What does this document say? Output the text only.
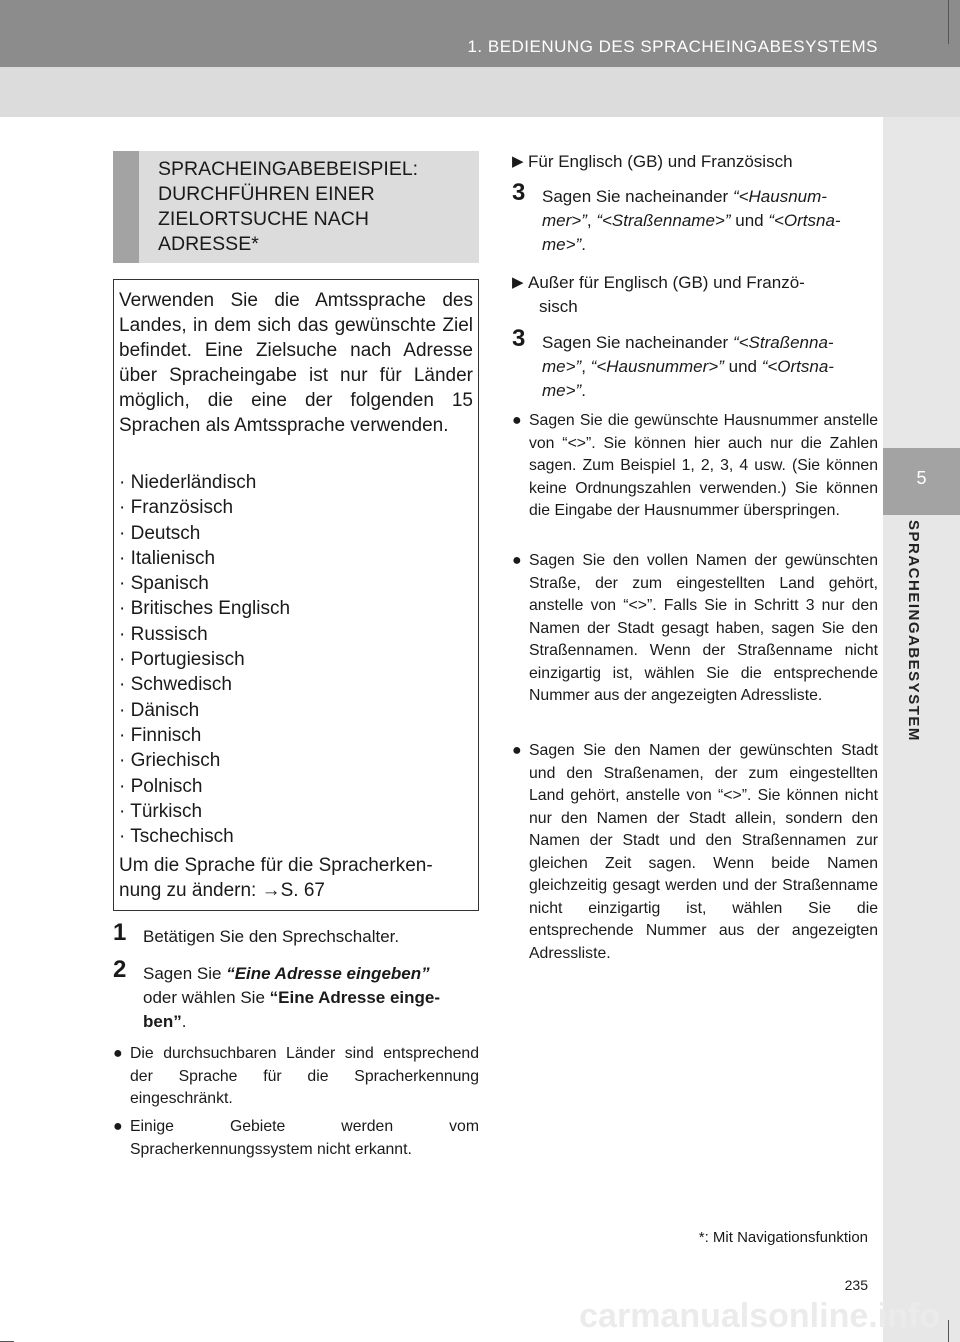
1. BEDIENUNG DES SPRACHEINGABESYSTEMS
5
SPRACHEINGABESYSTEM
SPRACHEINGABEBEISPIEL:
DURCHFÜHREN EINER
ZIELORTSUCHE NACH
ADRESSE*

Verwenden Sie die Amtssprache des Landes, in dem sich das gewünschte Ziel befindet. Eine Zielsuche nach Adresse über Spracheingabe ist nur für Länder möglich, die eine der folgenden 15 Sprachen als Amtssprache verwenden.

· Niederländisch
· Französisch
· Deutsch
· Italienisch
· Spanisch
· Britisches Englisch
· Russisch
· Portugiesisch
· Schwedisch
· Dänisch
· Finnisch
· Griechisch
· Polnisch
· Türkisch
· Tschechisch
Um die Sprache für die Spracherken-
nung zu ändern: →S. 67
1 Betätigen Sie den Sprechschalter.
2 Sagen Sie “Eine Adresse eingeben”
oder wählen Sie “Eine Adresse einge-
ben”.
● Die durchsuchbaren Länder sind entsprechend der Sprache für die Spracherkennung eingeschränkt.
● Einige Gebiete werden vom Spracherkennungssystem nicht erkannt.
▶ Für Englisch (GB) und Französisch
3 Sagen Sie nacheinander “<Hausnum-
mer>”, “<Straßenname>” und “<Ortsna-
me>”.
▶ Außer für Englisch (GB) und Franzö-
sisch
3 Sagen Sie nacheinander “<Straßenna-
me>”, “<Hausnummer>” und “<Ortsna-
me>”.
● Sagen Sie die gewünschte Hausnummer anstelle von “<>”. Sie können hier auch nur die Zahlen sagen. Zum Beispiel 1, 2, 3, 4 usw. (Sie können keine Ordnungszahlen verwenden.) Sie können die Eingabe der Hausnummer überspringen.
● Sagen Sie den vollen Namen der gewünschten Straße, der zum eingestellten Land gehört, anstelle von “<>”. Falls Sie in Schritt 3 nur den Namen der Stadt gesagt haben, sagen Sie den Straßennamen. Wenn der Straßenname nicht einzigartig ist, wählen Sie die entsprechende Nummer aus der angezeigten Adressliste.
● Sagen Sie den Namen der gewünschten Stadt und den Straßenamen, der zum eingestellten Land gehört, anstelle von “<>”. Sie können nicht nur den Namen der Stadt allein, sondern den Namen der Stadt und den Straßennamen zur gleichen Zeit sagen. Wenn beide Namen gleichzeitig gesagt werden und der Straßenname nicht einzigartig ist, wählen Sie die entsprechende Nummer aus der angezeigten Adressliste.
*: Mit Navigationsfunktion
235
carmanualsonline.info
